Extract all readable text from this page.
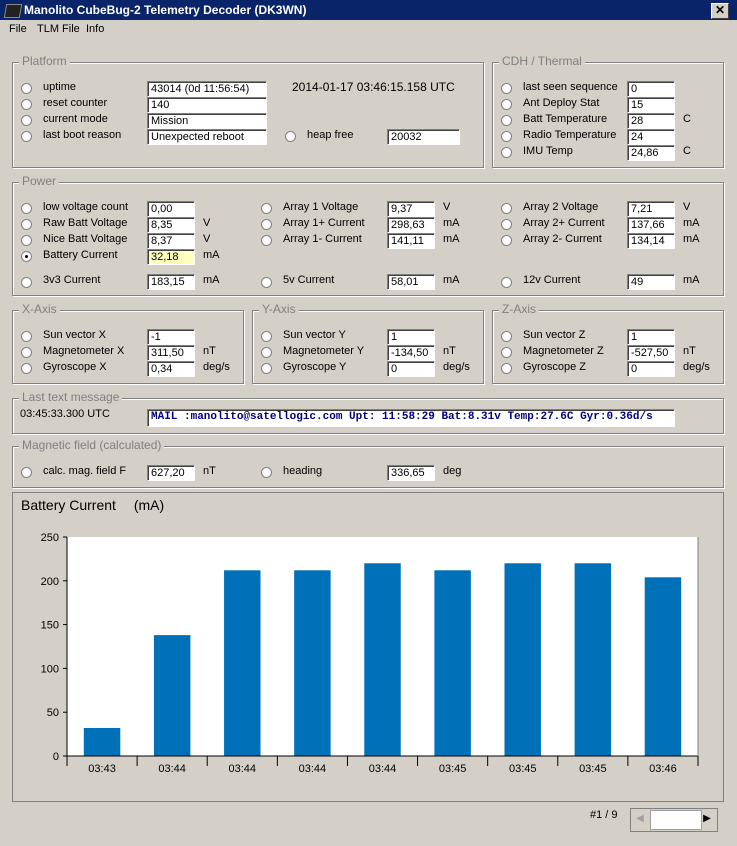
Manolito CubeBug-2 Telemetry Decoder (DK3WN)	✕
File TLM File Info
Platform
uptime	43014 (0d 11:56:54)
reset counter	140
current mode	Mission
last boot reason	Unexpected reboot
2014-01-17 03:46:15.158 UTC
heap free	20032
CDH / Thermal
last seen sequence	0
Ant Deploy Stat	15
Batt Temperature	28	C
Radio Temperature	24
IMU Temp	24,86	C
Power
low voltage count	0,00
Raw Batt Voltage	8,35	V
Nice Batt Voltage	8,37	V
Battery Current	32,18	mA
Array 1 Voltage	9,37	V
Array 1+ Current	298,63	mA
Array 1- Current	141,11	mA
Array 2 Voltage	7,21	V
Array 2+ Current	137,66	mA
Array 2- Current	134,14	mA
3v3 Current	183,15	mA	5v Current	58,01	mA	12v Current	49	mA
X-Axis
Sun vector X	-1
Magnetometer X	311,50	nT
Gyroscope X	0,34	deg/s
Y-Axis
Sun vector Y	1
Magnetometer Y	-134,50	nT
Gyroscope Y	0	deg/s
Z-Axis
Sun vector Z	1
Magnetometer Z	-527,50	nT
Gyroscope Z	0	deg/s
Last text message
03:45:33.300 UTC	MAIL :manolito@satellogic.com Upt: 11:58:29 Bat:8.31v Temp:27.6C Gyr:0.36d/s
Magnetic field (calculated)
calc. mag. field F	627,20	nT	heading	336,65	deg
Battery Current (mA)
0
50
100
150
200
250
03:43	03:44	03:44	03:44	03:44	03:45	03:45	03:45	03:46
#1 / 9	◀	▶
